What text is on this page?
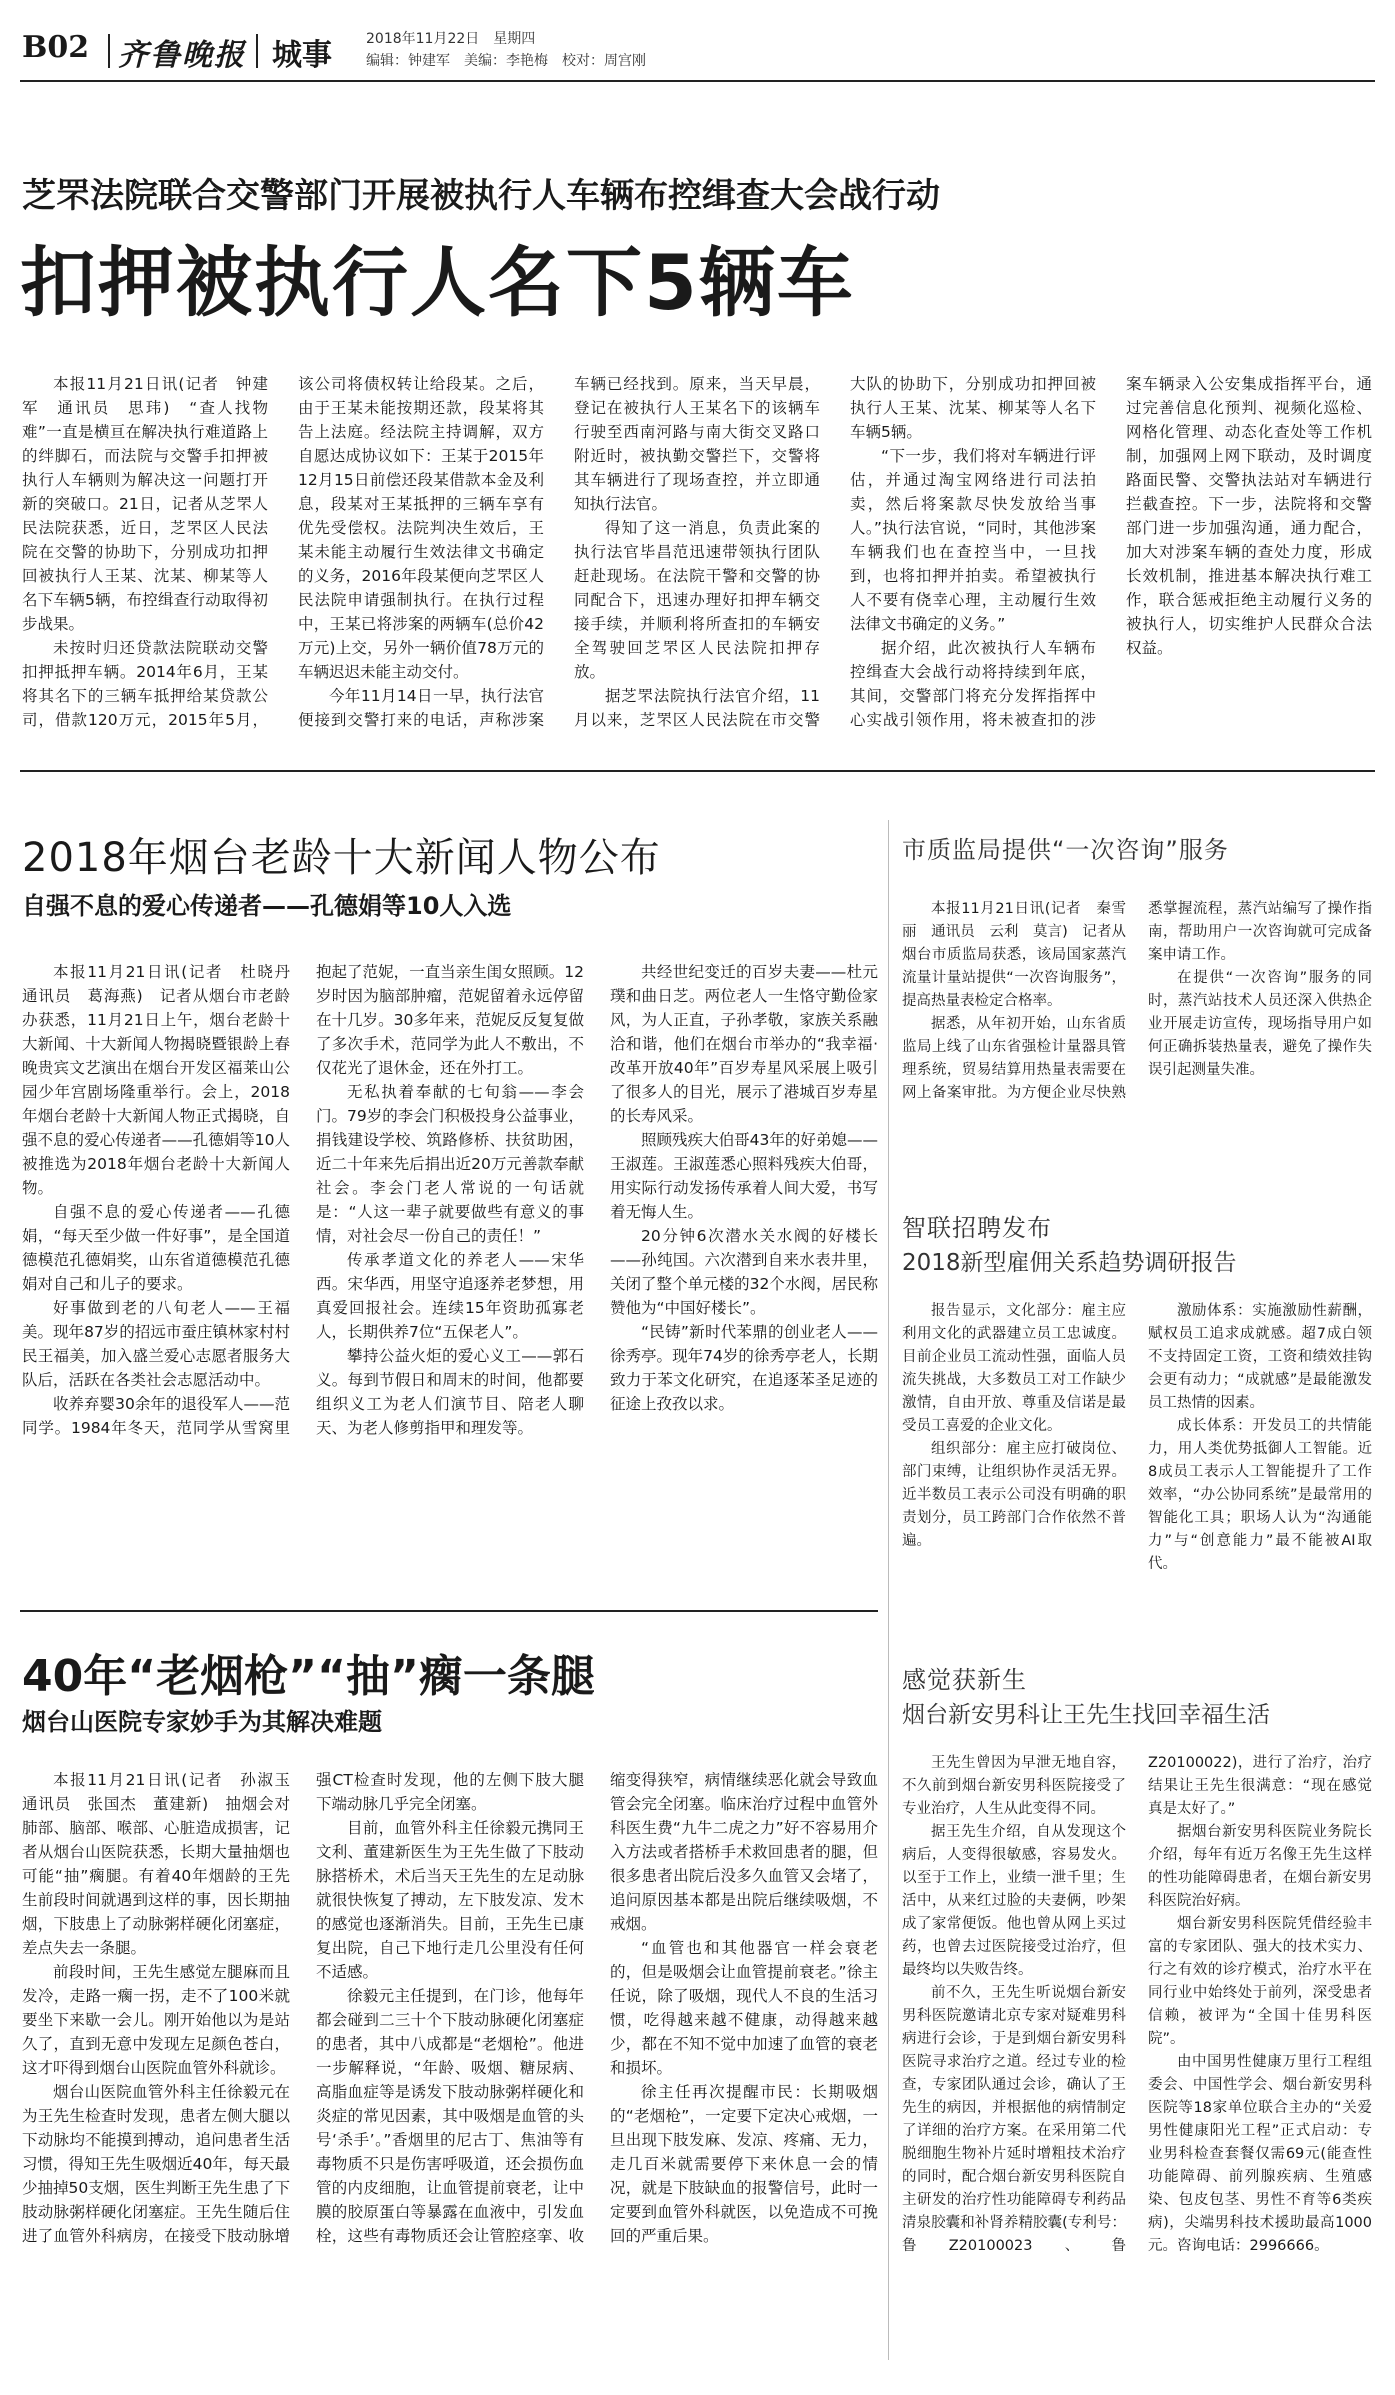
B02 齐鲁晚报 城事 2018年11月22日　星期四
编辑：钟建军　美编：李艳梅　校对：周宫刚
芝罘法院联合交警部门开展被执行人车辆布控缉查大会战行动
扣押被执行人名下5辆车

本报11月21日讯(记者　钟建军　通讯员　思玮)　“查人找物难”一直是横亘在解决执行难道路上的绊脚石，而法院与交警手扣押被执行人车辆则为解决这一问题打开新的突破口。21日，记者从芝罘人民法院获悉，近日，芝罘区人民法院在交警的协助下，分别成功扣押回被执行人王某、沈某、柳某等人名下车辆5辆，布控缉查行动取得初步战果。

未按时归还贷款法院联动交警扣押抵押车辆。2014年6月，王某将其名下的三辆车抵押给某贷款公司，借款120万元，2015年5月，该公司将债权转让给段某。之后，由于王某未能按期还款，段某将其告上法庭。经法院主持调解，双方自愿达成协议如下：王某于2015年12月15日前偿还段某借款本金及利息，段某对王某抵押的三辆车享有优先受偿权。法院判决生效后，王某未能主动履行生效法律文书确定的义务，2016年段某便向芝罘区人民法院申请强制执行。在执行过程中，王某已将涉案的两辆车(总价42万元)上交，另外一辆价值78万元的车辆迟迟未能主动交付。

今年11月14日一早，执行法官便接到交警打来的电话，声称涉案车辆已经找到。原来，当天早晨，登记在被执行人王某名下的该辆车行驶至西南河路与南大街交叉路口附近时，被执勤交警拦下，交警将其车辆进行了现场查控，并立即通知执行法官。

得知了这一消息，负责此案的执行法官毕昌范迅速带领执行团队赶赴现场。在法院干警和交警的协同配合下，迅速办理好扣押车辆交接手续，并顺利将所查扣的车辆安全驾驶回芝罘区人民法院扣押存放。

据芝罘法院执行法官介绍，11月以来，芝罘区人民法院在市交警大队的协助下，分别成功扣押回被执行人王某、沈某、柳某等人名下车辆5辆。

“下一步，我们将对车辆进行评估，并通过淘宝网络进行司法拍卖，然后将案款尽快发放给当事人。”执行法官说，“同时，其他涉案车辆我们也在查控当中，一旦找到，也将扣押并拍卖。希望被执行人不要有侥幸心理，主动履行生效法律文书确定的义务。”

据介绍，此次被执行人车辆布控缉查大会战行动将持续到年底，其间，交警部门将充分发挥指挥中心实战引领作用，将未被查扣的涉案车辆录入公安集成指挥平台，通过完善信息化预判、视频化巡检、网格化管理、动态化查处等工作机制，加强网上网下联动，及时调度路面民警、交警执法站对车辆进行拦截查控。下一步，法院将和交警部门进一步加强沟通，通力配合，加大对涉案车辆的查处力度，形成长效机制，推进基本解决执行难工作，联合惩戒拒绝主动履行义务的被执行人，切实维护人民群众合法权益。

2018年烟台老龄十大新闻人物公布
自强不息的爱心传递者——孔德娟等10人入选

本报11月21日讯(记者　杜晓丹　通讯员　葛海燕)　记者从烟台市老龄办获悉，11月21日上午，烟台老龄十大新闻、十大新闻人物揭晓暨银龄上春晚贵宾文艺演出在烟台开发区福莱山公园少年宫剧场隆重举行。会上，2018年烟台老龄十大新闻人物正式揭晓，自强不息的爱心传递者——孔德娟等10人被推选为2018年烟台老龄十大新闻人物。

自强不息的爱心传递者——孔德娟，“每天至少做一件好事”，是全国道德模范孔德娟奖，山东省道德模范孔德娟对自己和儿子的要求。

好事做到老的八旬老人——王福美。现年87岁的招远市蚕庄镇林家村村民王福美，加入盛兰爱心志愿者服务大队后，活跃在各类社会志愿活动中。

收养弃婴30余年的退役军人——范同学。1984年冬天，范同学从雪窝里抱起了范妮，一直当亲生闺女照顾。12岁时因为脑部肿瘤，范妮留着永远停留在十几岁。30多年来，范妮反反复复做了多次手术，范同学为此人不敷出，不仅花光了退休金，还在外打工。

无私执着奉献的七旬翁——李会门。79岁的李会门积极投身公益事业，捐钱建设学校、筑路修桥、扶贫助困，近二十年来先后捐出近20万元善款奉献社会。李会门老人常说的一句话就是：“人这一辈子就要做些有意义的事情，对社会尽一份自己的责任！”

传承孝道文化的养老人——宋华西。宋华西，用坚守追逐养老梦想，用真爱回报社会。连续15年资助孤寡老人，长期供养7位“五保老人”。

攀持公益火炬的爱心义工——郭石义。每到节假日和周末的时间，他都要组织义工为老人们演节目、陪老人聊天、为老人修剪指甲和理发等。

共经世纪变迁的百岁夫妻——杜元璞和曲日芝。两位老人一生恪守勤俭家风，为人正直，子孙孝敬，家族关系融洽和谐，他们在烟台市举办的“我幸福·改革开放40年”百岁寿星风采展上吸引了很多人的目光，展示了港城百岁寿星的长寿风采。

照顾残疾大伯哥43年的好弟媳——王淑莲。王淑莲悉心照料残疾大伯哥，用实际行动发扬传承着人间大爱，书写着无悔人生。

20分钟6次潜水关水阀的好楼长——孙纯国。六次潜到自来水表井里，关闭了整个单元楼的32个水阀，居民称赞他为“中国好楼长”。

“民铸”新时代苯鼎的创业老人——徐秀亭。现年74岁的徐秀亭老人，长期致力于苯文化研究，在追逐苯圣足迹的征途上孜孜以求。

市质监局提供“一次咨询”服务

本报11月21日讯(记者　秦雪丽　通讯员　云利　莫言)　记者从烟台市质监局获悉，该局国家蒸汽流量计量站提供“一次咨询服务”，提高热量表检定合格率。

据悉，从年初开始，山东省质监局上线了山东省强检计量器具管理系统，贸易结算用热量表需要在网上备案审批。为方便企业尽快熟悉掌握流程，蒸汽站编写了操作指南，帮助用户一次咨询就可完成备案申请工作。

在提供“一次咨询”服务的同时，蒸汽站技术人员还深入供热企业开展走访宣传，现场指导用户如何正确拆装热量表，避免了操作失误引起测量失准。

智联招聘发布
2018新型雇佣关系趋势调研报告

报告显示，文化部分：雇主应利用文化的武器建立员工忠诚度。目前企业员工流动性强，面临人员流失挑战，大多数员工对工作缺少激情，自由开放、尊重及信诺是最受员工喜爱的企业文化。

组织部分：雇主应打破岗位、部门束缚，让组织协作灵活无界。近半数员工表示公司没有明确的职责划分，员工跨部门合作依然不普遍。

激励体系：实施激励性薪酬，赋权员工追求成就感。超7成白领不支持固定工资，工资和绩效挂钩会更有动力；“成就感”是最能激发员工热情的因素。

成长体系：开发员工的共情能力，用人类优势抵御人工智能。近8成员工表示人工智能提升了工作效率，“办公协同系统”是最常用的智能化工具；职场人认为“沟通能力”与“创意能力”最不能被AI取代。

40年“老烟枪”“抽”瘸一条腿
烟台山医院专家妙手为其解决难题

本报11月21日讯(记者　孙淑玉　通讯员　张国杰　董建新)　抽烟会对肺部、脑部、喉部、心脏造成损害，记者从烟台山医院获悉，长期大量抽烟也可能“抽”瘸腿。有着40年烟龄的王先生前段时间就遇到这样的事，因长期抽烟，下肢患上了动脉粥样硬化闭塞症，差点失去一条腿。

前段时间，王先生感觉左腿麻而且发冷，走路一瘸一拐，走不了100米就要坐下来歇一会儿。刚开始他以为是站久了，直到无意中发现左足颜色苍白，这才吓得到烟台山医院血管外科就诊。

烟台山医院血管外科主任徐毅元在为王先生检查时发现，患者左侧大腿以下动脉均不能摸到搏动，追问患者生活习惯，得知王先生吸烟近40年，每天最少抽掉50支烟，医生判断王先生患了下肢动脉粥样硬化闭塞症。王先生随后住进了血管外科病房，在接受下肢动脉增强CT检查时发现，他的左侧下肢大腿下端动脉几乎完全闭塞。

目前，血管外科主任徐毅元携同王文利、董建新医生为王先生做了下肢动脉搭桥术，术后当天王先生的左足动脉就很快恢复了搏动，左下肢发凉、发木的感觉也逐渐消失。目前，王先生已康复出院，自己下地行走几公里没有任何不适感。

徐毅元主任提到，在门诊，他每年都会碰到二三十个下肢动脉硬化闭塞症的患者，其中八成都是“老烟枪”。他进一步解释说，“年龄、吸烟、糖尿病、高脂血症等是诱发下肢动脉粥样硬化和炎症的常见因素，其中吸烟是血管的头号‘杀手’。”香烟里的尼古丁、焦油等有毒物质不只是伤害呼吸道，还会损伤血管的内皮细胞，让血管提前衰老，让中膜的胶原蛋白等暴露在血液中，引发血栓，这些有毒物质还会让管腔痉挛、收缩变得狭窄，病情继续恶化就会导致血管会完全闭塞。临床治疗过程中血管外科医生费“九牛二虎之力”好不容易用介入方法或者搭桥手术救回患者的腿，但很多患者出院后没多久血管又会堵了，追问原因基本都是出院后继续吸烟，不戒烟。

“血管也和其他器官一样会衰老的，但是吸烟会让血管提前衰老。”徐主任说，除了吸烟，现代人不良的生活习惯，吃得越来越不健康，动得越来越少，都在不知不觉中加速了血管的衰老和损坏。

徐主任再次提醒市民：长期吸烟的“老烟枪”，一定要下定决心戒烟，一旦出现下肢发麻、发凉、疼痛、无力，走几百米就需要停下来休息一会的情况，就是下肢缺血的报警信号，此时一定要到血管外科就医，以免造成不可挽回的严重后果。

感觉获新生
烟台新安男科让王先生找回幸福生活

王先生曾因为早泄无地自容，不久前到烟台新安男科医院接受了专业治疗，人生从此变得不同。

据王先生介绍，自从发现这个病后，人变得很敏感，容易发火。以至于工作上，业绩一泄千里；生活中，从来红过脸的夫妻俩，吵架成了家常便饭。他也曾从网上买过药，也曾去过医院接受过治疗，但最终均以失败告终。

前不久，王先生听说烟台新安男科医院邀请北京专家对疑难男科病进行会诊，于是到烟台新安男科医院寻求治疗之道。经过专业的检查，专家团队通过会诊，确认了王先生的病因，并根据他的病情制定了详细的治疗方案。在采用第二代脱细胞生物补片延时增粗技术治疗的同时，配合烟台新安男科医院自主研发的治疗性功能障碍专利药品清泉胶囊和补肾养精胶囊(专利号：鲁Z20100023、鲁Z20100022)，进行了治疗，治疗结果让王先生很满意：“现在感觉真是太好了。”

据烟台新安男科医院业务院长介绍，每年有近万名像王先生这样的性功能障碍患者，在烟台新安男科医院治好病。

烟台新安男科医院凭借经验丰富的专家团队、强大的技术实力、行之有效的诊疗模式，治疗水平在同行业中始终处于前列，深受患者信赖，被评为“全国十佳男科医院”。

由中国男性健康万里行工程组委会、中国性学会、烟台新安男科医院等18家单位联合主办的“关爱男性健康阳光工程”正式启动：专业男科检查套餐仅需69元(能查性功能障碍、前列腺疾病、生殖感染、包皮包茎、男性不育等6类疾病)，尖端男科技术援助最高1000元。咨询电话：2996666。
